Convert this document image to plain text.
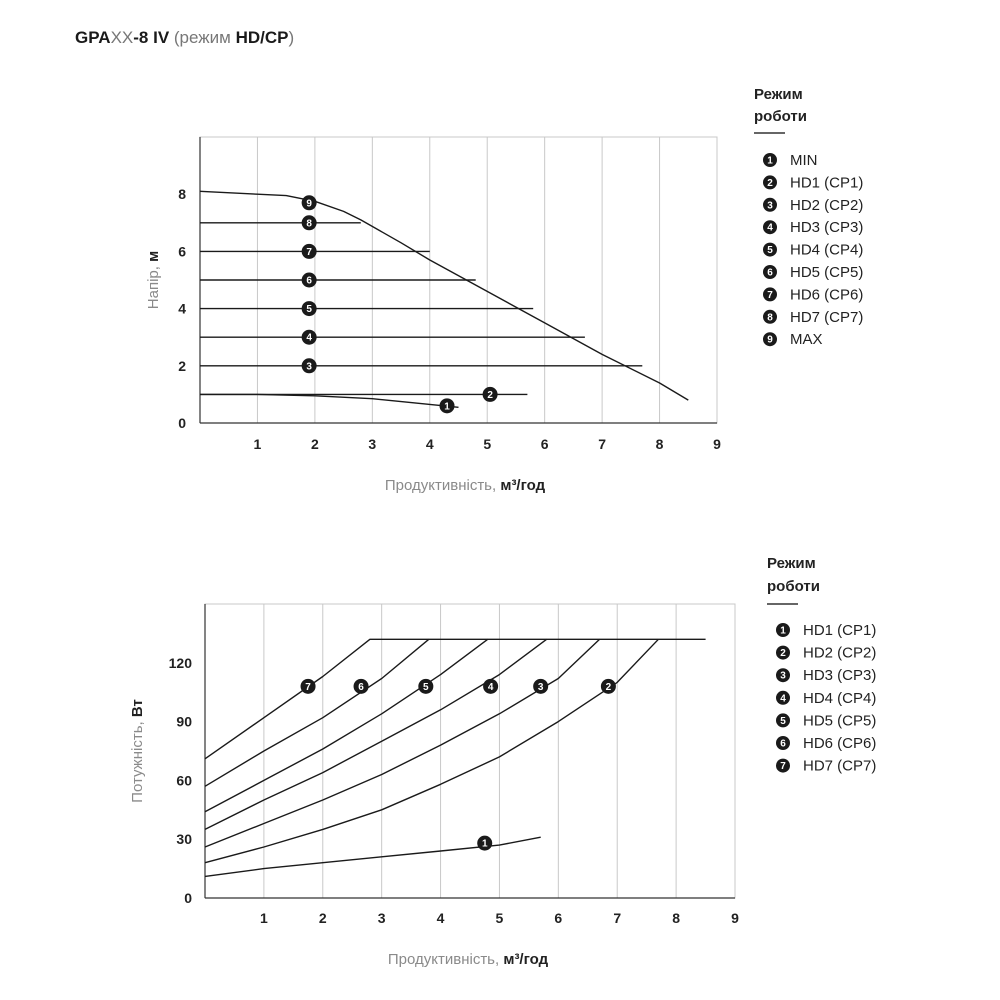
GPAXX-8 IV (режим HD/CP)
1	2	3	4	5	6	7	8	9
0
2
4
6
8
Продуктивність, м³/год
Напір, м
9
8
7
6
5
4
3
2
1
Режим
роботи
1 MIN
2 HD1 (CP1)
3 HD2 (CP2)
4 HD3 (CP3)
5 HD4 (CP4)
6 HD5 (CP5)
7 HD6 (CP6)
8 HD7 (CP7)
9 MAX
1	2	3	4	5	6	7	8	9
0
30
60
90
120
Продуктивність, м³/год
Потужність, Вт
7	6	5	4	3	2
1
Режим
роботи
1 HD1 (CP1)
2 HD2 (CP2)
3 HD3 (CP3)
4 HD4 (CP4)
5 HD5 (CP5)
6 HD6 (CP6)
7 HD7 (CP7)
